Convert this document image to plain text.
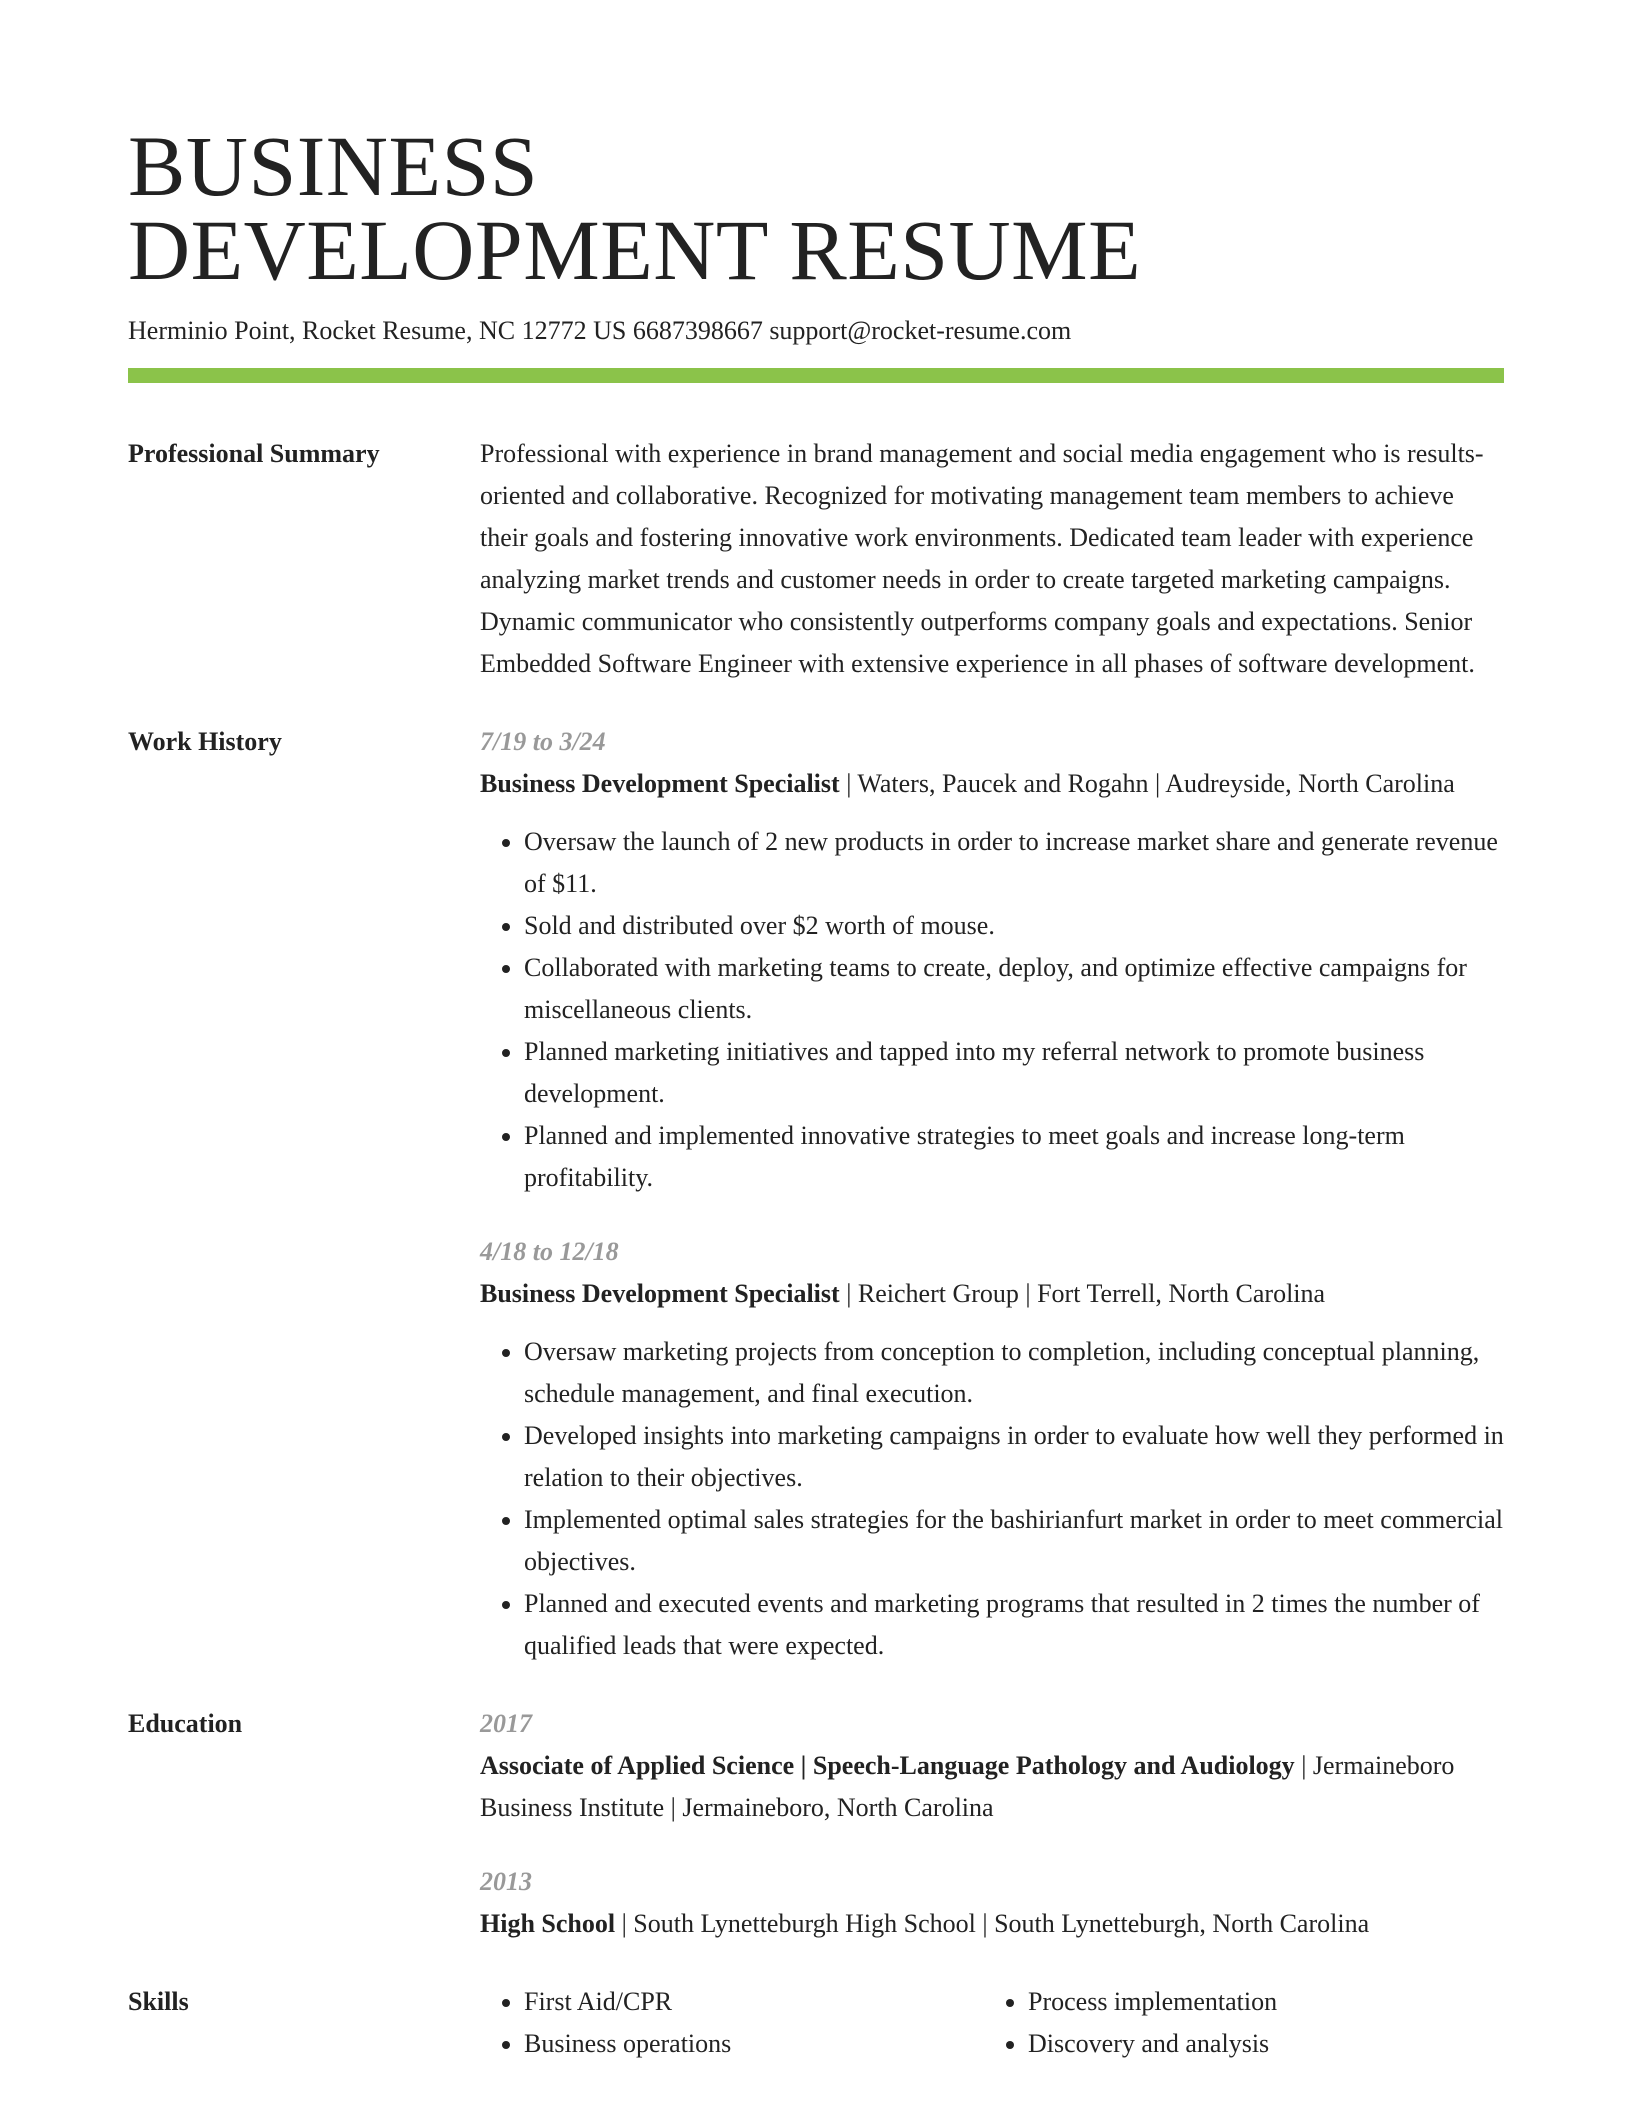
BUSINESS
DEVELOPMENT RESUME
Herminio Point, Rocket Resume, NC 12772 US 6687398667 support@rocket-resume.com
Professional Summary	Professional with experience in brand management and social media engagement who is results-oriented and collaborative. Recognized for motivating management team members to achieve their goals and fostering innovative work environments. Dedicated team leader with experience analyzing market trends and customer needs in order to create targeted marketing campaigns. Dynamic communicator who consistently outperforms company goals and expectations. Senior Embedded Software Engineer with extensive experience in all phases of software development.

Work History	7/19 to 3/24
Business Development Specialist | Waters, Paucek and Rogahn | Audreyside, North Carolina
• Oversaw the launch of 2 new products in order to increase market share and generate revenue of $11.
• Sold and distributed over $2 worth of mouse.
• Collaborated with marketing teams to create, deploy, and optimize effective campaigns for miscellaneous clients.
• Planned marketing initiatives and tapped into my referral network to promote business development.
• Planned and implemented innovative strategies to meet goals and increase long-term profitability.
4/18 to 12/18
Business Development Specialist | Reichert Group | Fort Terrell, North Carolina
• Oversaw marketing projects from conception to completion, including conceptual planning, schedule management, and final execution.
• Developed insights into marketing campaigns in order to evaluate how well they performed in relation to their objectives.
• Implemented optimal sales strategies for the bashirianfurt market in order to meet commercial objectives.
• Planned and executed events and marketing programs that resulted in 2 times the number of qualified leads that were expected.
Education	2017
Associate of Applied Science | Speech-Language Pathology and Audiology | Jermaineboro Business Institute | Jermaineboro, North Carolina
2013
High School | South Lynetteburgh High School | South Lynetteburgh, North Carolina
Skills
•	First Aid/CPR
• Business operations
• Process implementation
• Discovery and analysis
